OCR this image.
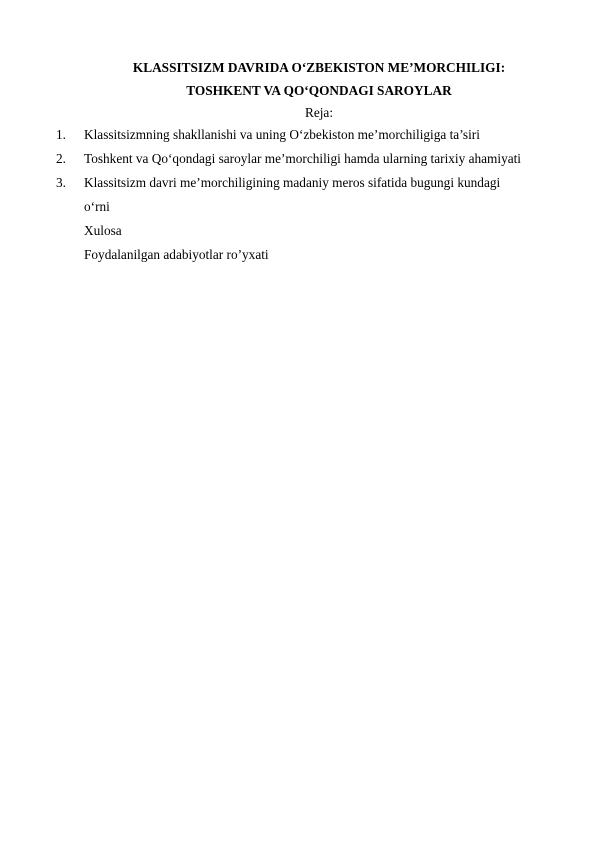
KLASSITSIZM DAVRIDA O‘ZBEKISTON ME’MORCHILIGI:
TOSHKENT VA QO‘QONDAGI SAROYLAR
Reja:
1. Klassitsizmning shakllanishi va uning O‘zbekiston me’morchiligiga ta’siri
2. Toshkent va Qo‘qondagi saroylar me’morchiligi hamda ularning tarixiy ahamiyati
3. Klassitsizm davri me’morchiligining madaniy meros sifatida bugungi kundagi
o‘rni
Xulosa
Foydalanilgan adabiyotlar ro’yxati
